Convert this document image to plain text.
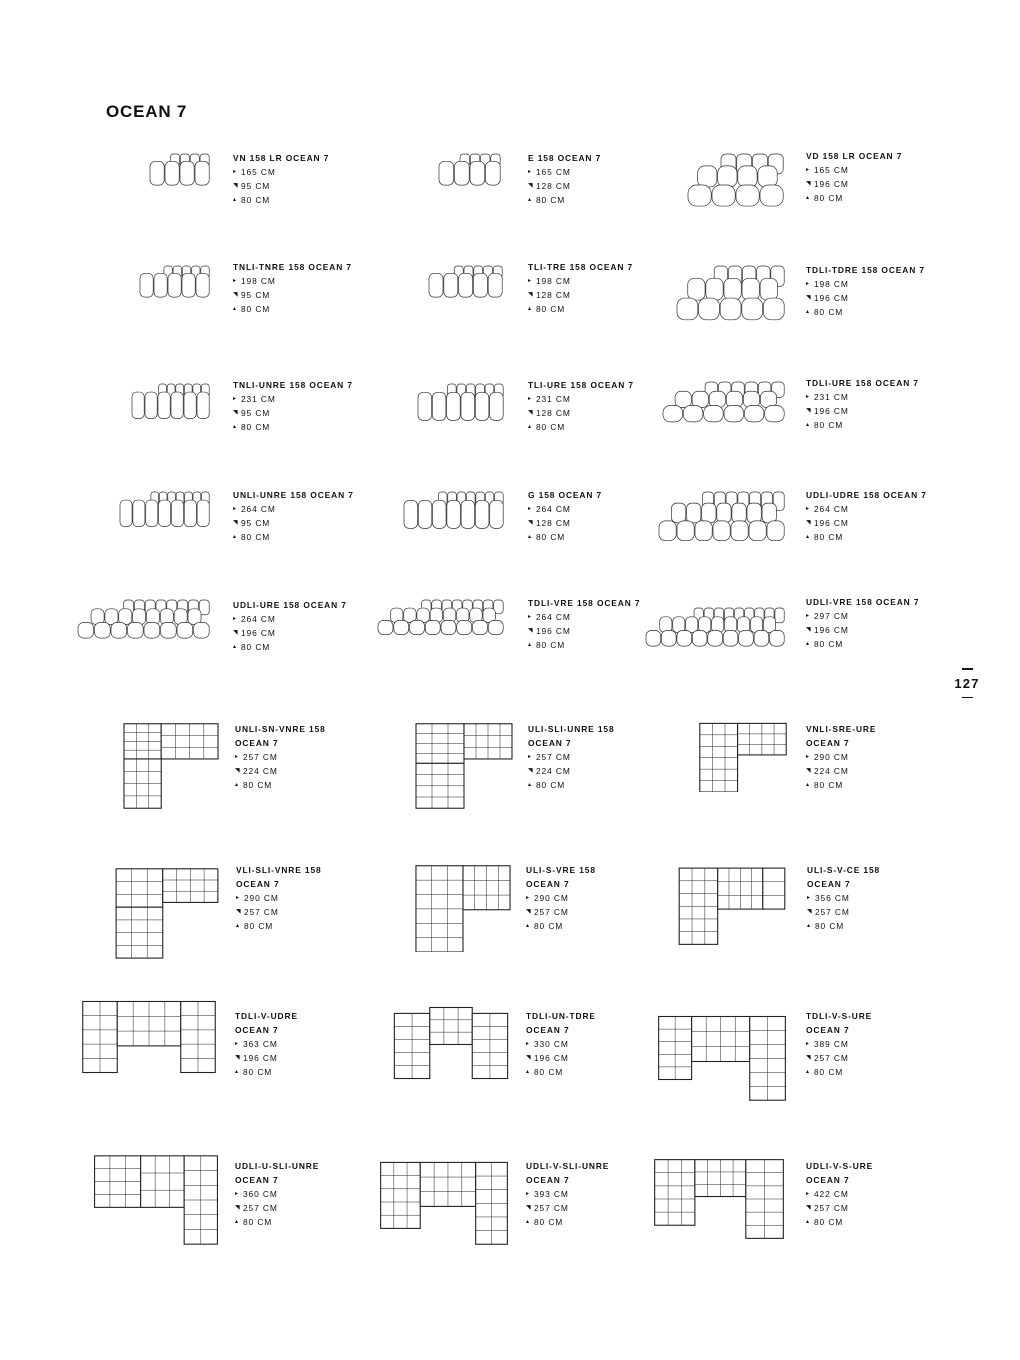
OCEAN 7
VN 158 LR OCEAN 7
▸ 165 CM
◥ 95 CM
▴ 80 CM
E 158 OCEAN 7
▸ 165 CM
◥ 128 CM
▴ 80 CM
VD 158 LR OCEAN 7
▸ 165 CM
◥ 196 CM
▴ 80 CM
TNLI-TNRE 158 OCEAN 7
▸ 198 CM
◥ 95 CM
▴ 80 CM
TLI-TRE 158 OCEAN 7
▸ 198 CM
◥ 128 CM
▴ 80 CM
TDLI-TDRE 158 OCEAN 7
▸ 198 CM
◥ 196 CM
▴ 80 CM
TNLI-UNRE 158 OCEAN 7
▸ 231 CM
◥ 95 CM
▴ 80 CM
TLI-URE 158 OCEAN 7
▸ 231 CM
◥ 128 CM
▴ 80 CM
TDLI-URE 158 OCEAN 7
▸ 231 CM
◥ 196 CM
▴ 80 CM
UNLI-UNRE 158 OCEAN 7
▸ 264 CM
◥ 95 CM
▴ 80 CM
G 158 OCEAN 7
▸ 264 CM
◥ 128 CM
▴ 80 CM
UDLI-UDRE 158 OCEAN 7
▸ 264 CM
◥ 196 CM
▴ 80 CM
UDLI-URE 158 OCEAN 7
▸ 264 CM
◥ 196 CM
▴ 80 CM
TDLI-VRE 158 OCEAN 7
▸ 264 CM
◥ 196 CM
▴ 80 CM
UDLI-VRE 158 OCEAN 7
▸ 297 CM
◥ 196 CM
▴ 80 CM
UNLI-SN-VNRE 158
OCEAN 7
▸ 257 CM
◥ 224 CM
▴ 80 CM
ULI-SLI-UNRE 158
OCEAN 7
▸ 257 CM
◥ 224 CM
▴ 80 CM
VNLI-SRE-URE
OCEAN 7
▸ 290 CM
◥ 224 CM
▴ 80 CM
VLI-SLI-VNRE 158
OCEAN 7
▸ 290 CM
◥ 257 CM
▴ 80 CM
ULI-S-VRE 158
OCEAN 7
▸ 290 CM
◥ 257 CM
▴ 80 CM
ULI-S-V-CE 158
OCEAN 7
▸ 356 CM
◥ 257 CM
▴ 80 CM
TDLI-V-UDRE
OCEAN 7
▸ 363 CM
◥ 196 CM
▴ 80 CM
TDLI-UN-TDRE
OCEAN 7
▸ 330 CM
◥ 196 CM
▴ 80 CM
TDLI-V-S-URE
OCEAN 7
▸ 389 CM
◥ 257 CM
▴ 80 CM
UDLI-U-SLI-UNRE
OCEAN 7
▸ 360 CM
◥ 257 CM
▴ 80 CM
UDLI-V-SLI-UNRE
OCEAN 7
▸ 393 CM
◥ 257 CM
▴ 80 CM
UDLI-V-S-URE
OCEAN 7
▸ 422 CM
◥ 257 CM
▴ 80 CM
127
